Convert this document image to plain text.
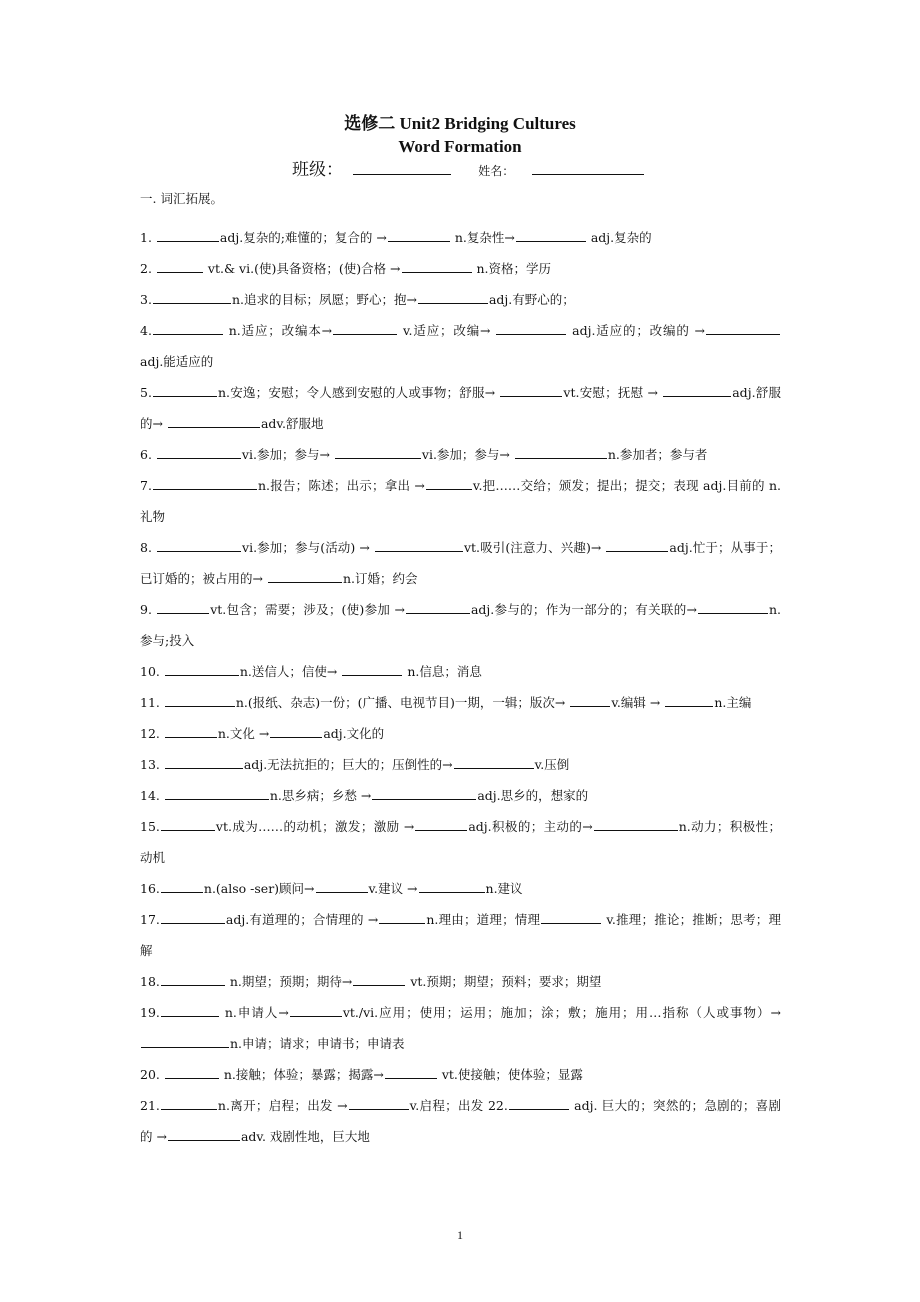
选修二 Unit2 Bridging Cultures
Word Formation
班级：	姓名：
一. 词汇拓展。
1.	adj.复杂的;难懂的；复合的 →	n.复杂性→	adj.复杂的
2.	vt.& vi.(使)具备资格；(使)合格 →	n.资格；学历
3.	n.追求的目标；夙愿；野心；抱→	adj.有野心的；
4.	n.适应；改编本→	v.适应；改编→	adj.适应的；改编的 → adj.能适应的
5.	n.安逸；安慰；令人感到安慰的人或事物；舒服→	vt.安慰；抚慰 →	adj.舒服的→	adv.舒服地
6.	vi.参加；参与→	vi.参加；参与→	n.参加者；参与者
7.	n.报告；陈述；出示；拿出 →	v.把……交给；颁发；提出；提交；表现 adj.目前的 n.礼物
8.	vi.参加；参与(活动) →	vt.吸引(注意力、兴趣)→	adj.忙于；从事于；已订婚的；被占用的→	n.订婚；约会
9.	vt.包含；需要；涉及；(使)参加 →	adj.参与的；作为一部分的；有关联的→	n.参与;投入
10.	n.送信人；信使→	n.信息；消息
11.	n.(报纸、杂志)一份；(广播、电视节目)一期，一辑；版次→	v.编辑 →	n.主编
12.	n.文化 →	adj.文化的
13.	adj.无法抗拒的；巨大的；压倒性的→	v.压倒
14.	n.思乡病；乡愁 →	adj.思乡的，想家的
15.	vt.成为……的动机；激发；激励 →	adj.积极的；主动的→	n.动力；积极性；动机
16.	n.(also -ser)顾问→	v.建议 →	n.建议
17.	adj.有道理的；合情理的 →	n.理由；道理；情理	v.推理；推论；推断；思考；理解
18.	n.期望；预期；期待→	vt.预期；期望；预料；要求；期望
19.	n.申请人→	vt./vi.应用；使用；运用；施加；涂；敷；施用；用…指称（人或事物）→n.申请；请求；申请书；申请表
20.	n.接触；体验；暴露；揭露→	vt.使接触；使体验；显露
21.	n.离开；启程；出发 →	v.启程；出发 22.	adj. 巨大的；突然的；急剧的；喜剧的 →	adv. 戏剧性地，巨大地
1
